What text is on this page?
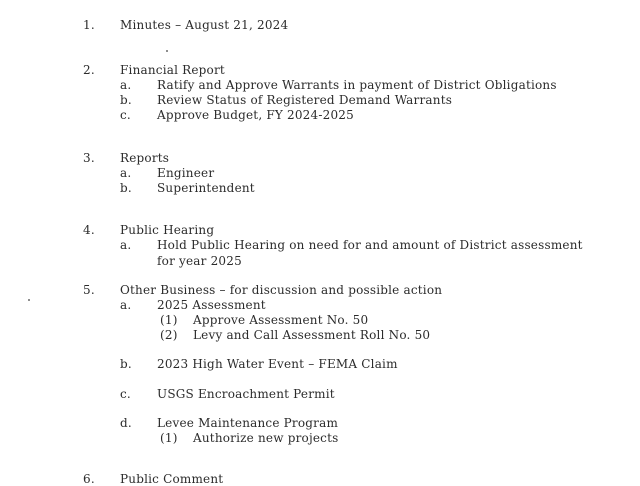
1. Minutes – August 21, 2024
2. Financial Report
a. Ratify and Approve Warrants in payment of District Obligations
b. Review Status of Registered Demand Warrants
c. Approve Budget, FY 2024-2025
3. Reports
a. Engineer
b. Superintendent
4. Public Hearing
a. Hold Public Hearing on need for and amount of District assessment for year 2025
5. Other Business – for discussion and possible action
a. 2025 Assessment
(1) Approve Assessment No. 50
(2) Levy and Call Assessment Roll No. 50
b. 2023 High Water Event – FEMA Claim
c. USGS Encroachment Permit
d. Levee Maintenance Program
(1) Authorize new projects
6. Public Comment
